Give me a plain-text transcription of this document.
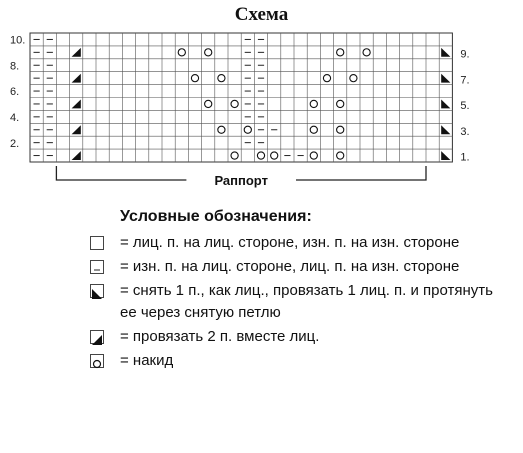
Схема
10.
8.
6.
4.
2.
9.
7.
5.
3.
1.
Раппорт
Условные обозначения:
= лиц. п. на лиц. стороне, изн. п. на изн. стороне
= изн. п. на лиц. стороне, лиц. п. на изн. стороне
= снять 1 п., как лиц., провязать 1 лиц. п. и протянуть ее через снятую петлю
= провязать 2 п. вместе лиц.
= накид
